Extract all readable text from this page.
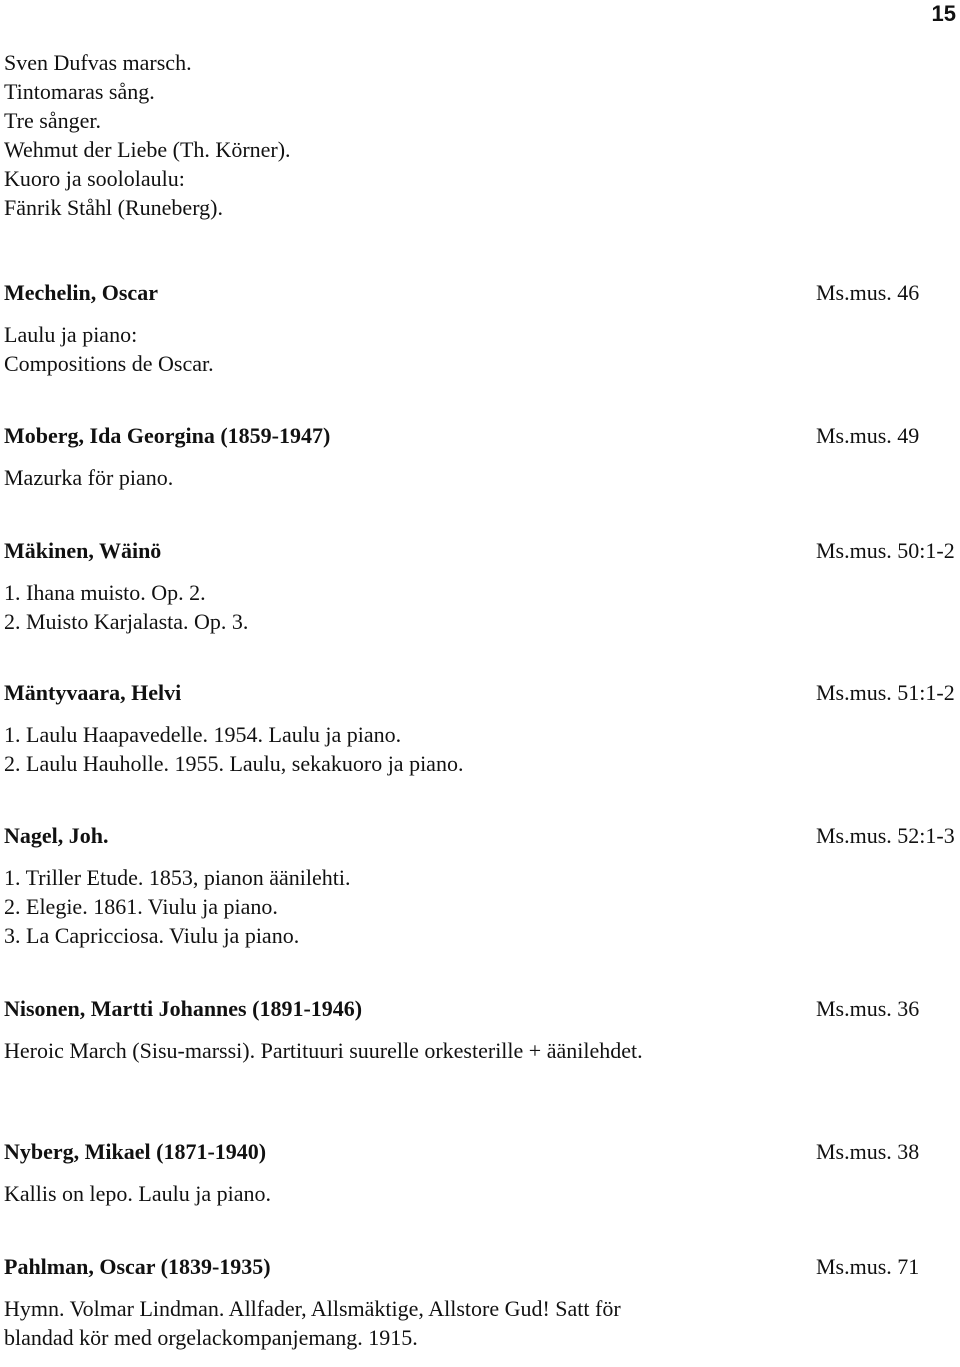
15
Sven Dufvas marsch.
Tintomaras sång.
Tre sånger.
Wehmut der Liebe (Th. Körner).
Kuoro ja soololaulu:
Fänrik Ståhl (Runeberg).
Mechelin, Oscar	Ms.mus. 46
Laulu ja piano:
Compositions de Oscar.
Moberg, Ida Georgina (1859-1947)	Ms.mus. 49
Mazurka för piano.
Mäkinen, Wäinö	Ms.mus. 50:1-2
1. Ihana muisto. Op. 2.
2. Muisto Karjalasta. Op. 3.
Mäntyvaara, Helvi	Ms.mus. 51:1-2
1. Laulu Haapavedelle. 1954. Laulu ja piano.
2. Laulu Hauholle. 1955. Laulu, sekakuoro ja piano.
Nagel, Joh.	Ms.mus. 52:1-3
1. Triller Etude. 1853, pianon äänilehti.
2. Elegie. 1861. Viulu ja piano.
3. La Capricciosa. Viulu ja piano.
Nisonen, Martti Johannes (1891-1946)	Ms.mus. 36
Heroic March (Sisu-marssi). Partituuri suurelle orkesterille + äänilehdet.
Nyberg, Mikael (1871-1940)	Ms.mus. 38
Kallis on lepo. Laulu ja piano.
Pahlman, Oscar (1839-1935)	Ms.mus. 71
Hymn. Volmar Lindman. Allfader, Allsmäktige, Allstore Gud! Satt för
blandad kör med orgelackompanjemang. 1915.
